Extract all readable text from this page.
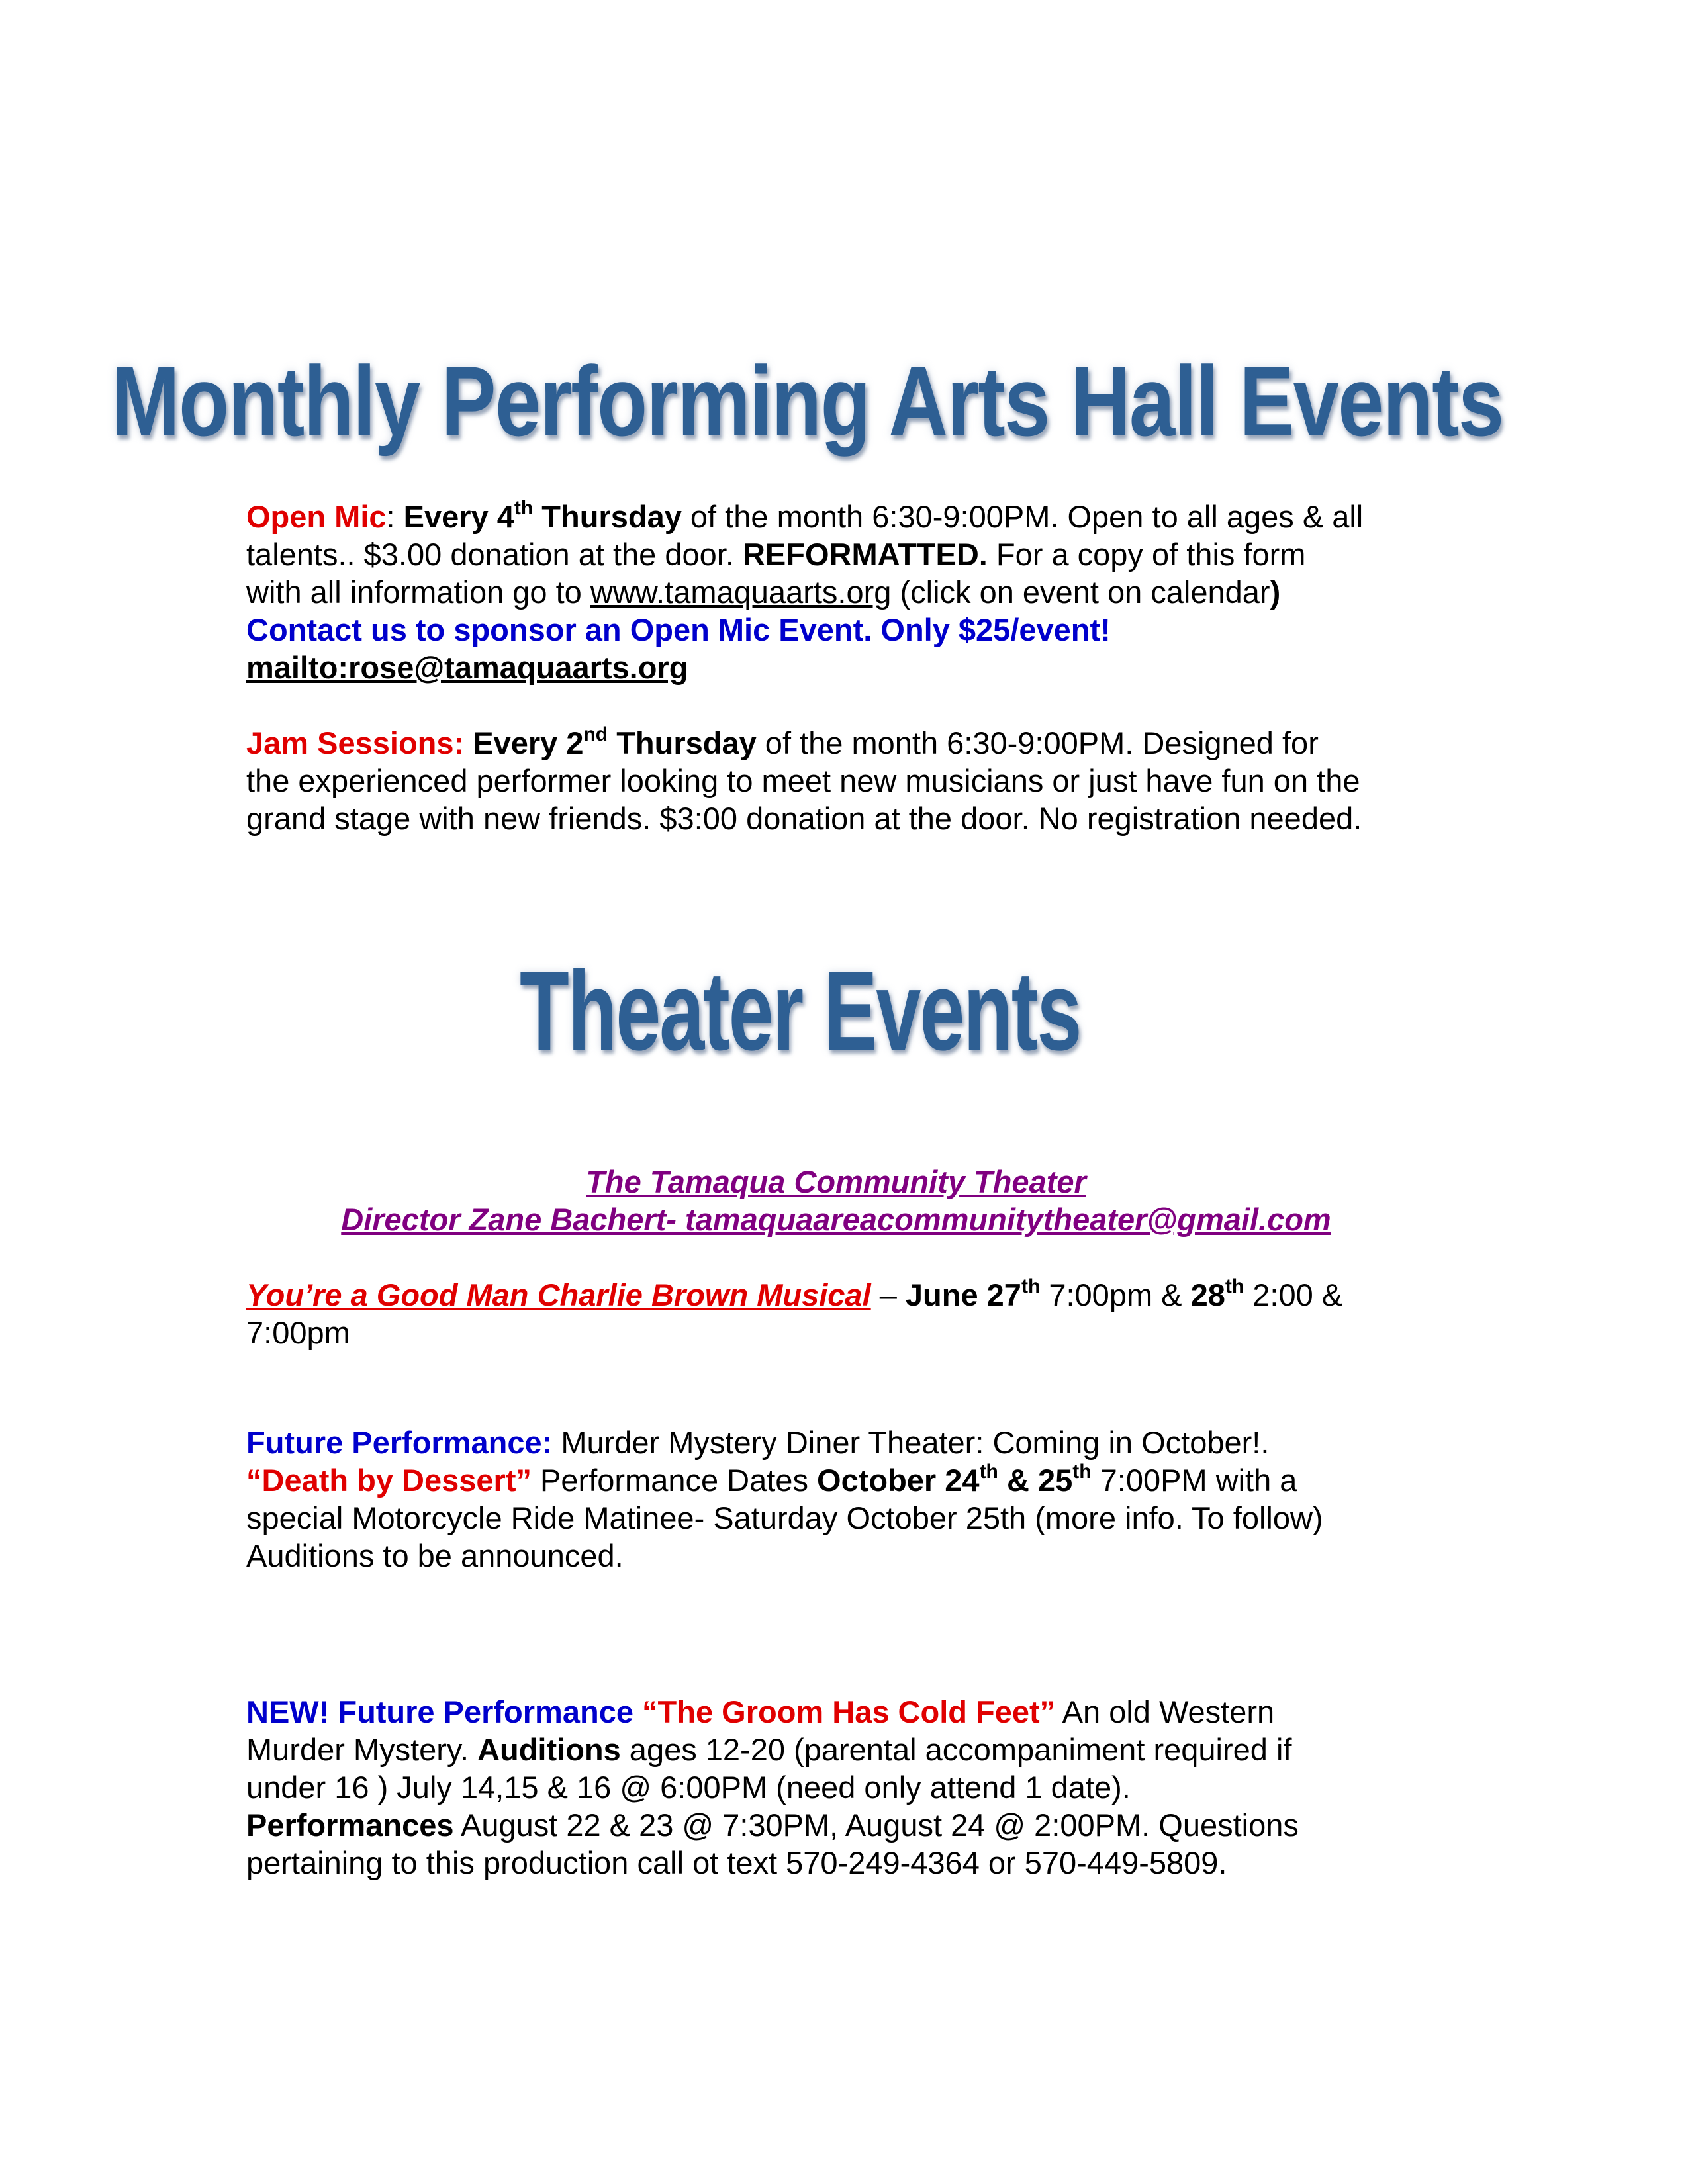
Monthly Performing Arts Hall Events
Open Mic: Every 4th Thursday of the month 6:30-9:00PM. Open to all ages & all
talents.. $3.00 donation at the door. REFORMATTED. For a copy of this form
with all information go to www.tamaquaarts.org (click on event on calendar)
Contact us to sponsor an Open Mic Event. Only $25/event!
mailto:rose@tamaquaarts.org
Jam Sessions: Every 2nd Thursday of the month 6:30-9:00PM. Designed for
the experienced performer looking to meet new musicians or just have fun on the
grand stage with new friends. $3:00 donation at the door. No registration needed.
Theater Events
The Tamaqua Community Theater
Director Zane Bachert- tamaquaareacommunitytheater@gmail.com
You’re a Good Man Charlie Brown Musical – June 27th 7:00pm & 28th 2:00 &
7:00pm
Future Performance: Murder Mystery Diner Theater: Coming in October!.
“Death by Dessert” Performance Dates October 24th & 25th 7:00PM with a
special Motorcycle Ride Matinee- Saturday October 25th (more info. To follow)
Auditions to be announced.
NEW! Future Performance “The Groom Has Cold Feet” An old Western
Murder Mystery. Auditions ages 12-20 (parental accompaniment required if
under 16 ) July 14,15 & 16 @ 6:00PM (need only attend 1 date).
Performances August 22 & 23 @ 7:30PM, August 24 @ 2:00PM. Questions
pertaining to this production call ot text 570-249-4364 or 570-449-5809.
